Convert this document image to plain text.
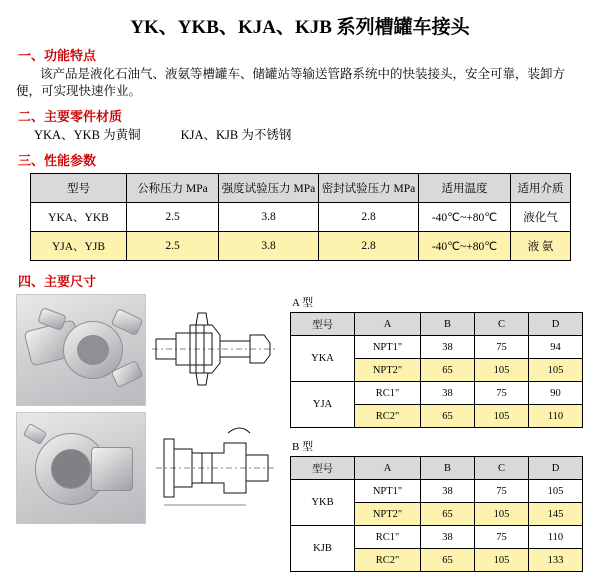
YK、YKB、KJA、KJB 系列槽罐车接头
一、功能特点
该产品是液化石油气、液氨等槽罐车、储罐站等输送管路系统中的快装接头，安全可靠，装卸方便，可实现快速作业。
二、主要零件材质
YKA、YKB 为黄铜	KJA、KJB 为不锈钢
三、性能参数
型号	公称压力 MPa	强度试验压力 MPa	密封试验压力 MPa	适用温度	适用介质
YKA、YKB	2.5	3.8	2.8	-40℃~+80℃	液化气
YJA、YJB	2.5	3.8	2.8	-40℃~+80℃	液 氨
四、主要尺寸
A 型
型号	A	B	C	D
YKA	NPT1"	38	75	94
	NPT2"	65	105	105
YJA	RC1"	38	75	90
	RC2"	65	105	110
B 型
型号	A	B	C	D
YKB	NPT1"	38	75	105
	NPT2"	65	105	145
KJB	RC1"	38	75	110
	RC2"	65	105	133
